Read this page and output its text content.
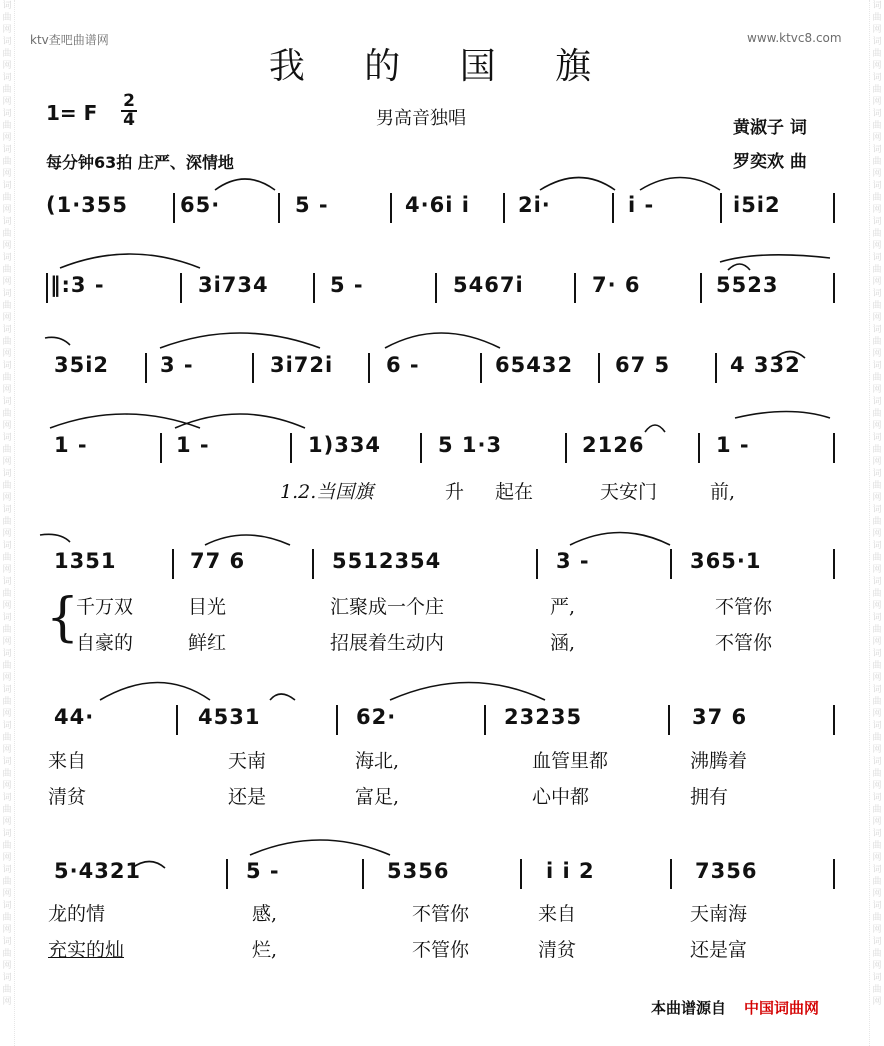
词
曲
网
词
曲
网
词
曲
网
词
曲
网
词
曲
网
词
曲
网
词
曲
网
词
曲
网
词
曲
网
词
曲
网
词
曲
网
词
曲
网
词
曲
网
词
曲
网
词
曲
网
词
曲
网
词
曲
网
词
曲
网
词
曲
网
词
曲
网
词
曲
网
词
曲
网
词
曲
网
词
曲
网
词
曲
网
词
曲
网
词
曲
网
词
曲
网
词
曲
网
词
曲
网
词
曲
网
词
曲
网
词
曲
网
词
曲
网
词
曲
网
词
曲
网
词
曲
网
词
曲
网
词
曲
网
词
曲
网
词
曲
网
词
曲
网
词
曲
网
词
曲
网
词
曲
网
词
曲
网
词
曲
网
词
曲
网
词
曲
网
词
曲
网
词
曲
网
词
曲
网
词
曲
网
词
曲
网
词
曲
网
词
曲
网
ktv查吧曲谱网	www.ktvc8.com
我 的 国 旗
1= F 2
4	男高音独唱
每分钟63拍 庄严、深情地
黄淑子 词
罗奕欢 曲
(1·355 65·	5 -	4·6i i 2i·	i -	i5i2
‖:3 -	3i734	5 -	5467i	7· 6	5523
35i2 3 -	3i72i	6 -	65432 67 5	4 332
1 -	1 -	1)334	5 1·3	2126	1 -
1.2.当国旗	升 起在	天安门	前,
1351	77 6	5512354	3 -	365·1
{
千万双	目光	汇聚成一个庄	严,	不管你
自豪的	鲜红	招展着生动内	涵,	不管你
44·	4531	62·	23235	37 6
来自	天南	海北,	血管里都	沸腾着
清贫	还是	富足,	心中都	拥有
5·4321	5 -	5356	i i 2	7356
龙的情	感,	不管你	来自	天南海
充实的灿	烂,	不管你	清贫	还是富
本曲谱源自 中国词曲网
